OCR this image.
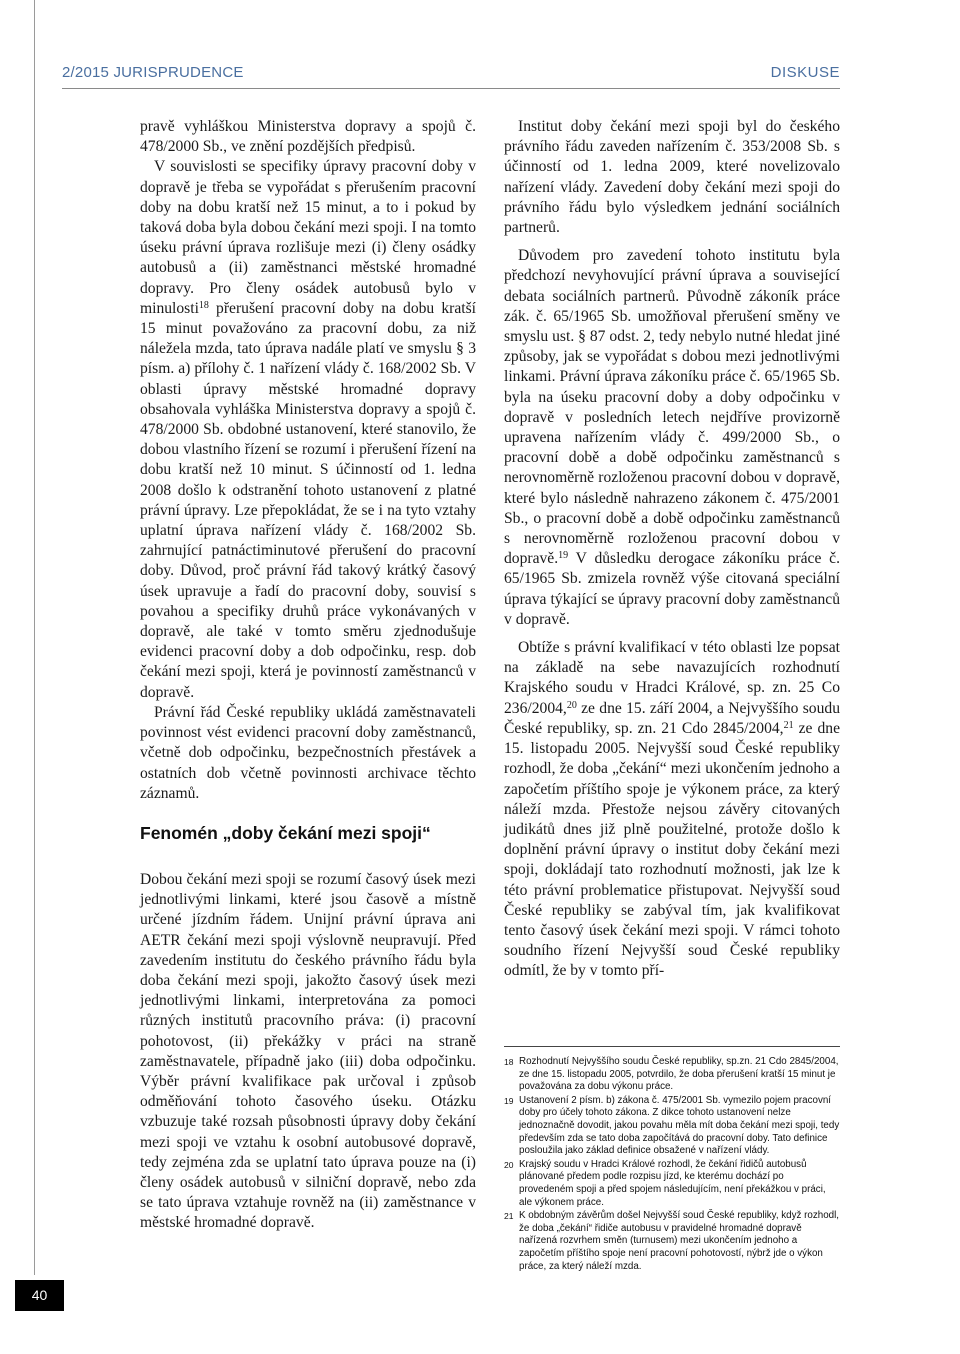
2/2015 JURISPRUDENCE	DISKUSE

pravě vyhláškou Ministerstva dopravy a spojů č. 478/2000 Sb., ve znění pozdějších předpisů.

V souvislosti se specifiky úpravy pracovní doby v dopravě je třeba se vypořádat s přerušením pracovní doby na dobu kratší než 15 minut, a to i pokud by taková doba byla dobou čekání mezi spoji. I na tomto úseku právní úprava rozlišuje mezi (i) členy osádky autobusů a (ii) zaměstnanci městské hromadné dopravy. Pro členy osádek autobusů bylo v minulosti$^{18}$ přerušení pracovní doby na dobu kratší 15 minut považováno za pracovní dobu, za niž náležela mzda, tato úprava nadále platí ve smyslu § 3 písm. a) přílohy č. 1 nařízení vlády č. 168/2002 Sb. V oblasti úpravy městské hromadné dopravy obsahovala vyhláška Ministerstva dopravy a spojů č. 478/2000 Sb. obdobné ustanovení, které stanovilo, že dobou vlastního řízení se rozumí i přerušení řízení na dobu kratší než 10 minut. S účinností od 1. ledna 2008 došlo k odstranění tohoto ustanovení z platné právní úpravy. Lze přepokládat, že se i na tyto vztahy uplatní úprava nařízení vlády č. 168/2002 Sb. zahrnující patnáctiminutové přerušení do pracovní doby. Důvod, proč právní řád takový krátký časový úsek upravuje a řadí do pracovní doby, souvisí s povahou a specifiky druhů práce vykonávaných v dopravě, ale také v tomto směru zjednodušuje evidenci pracovní doby a dob odpočinku, resp. dob čekání mezi spoji, která je povinností zaměstnanců v dopravě.

Právní řád České republiky ukládá zaměstnavateli povinnost vést evidenci pracovní doby zaměstnanců, včetně dob odpočinku, bezpečnostních přestávek a ostatních dob včetně povinnosti archivace těchto záznamů.

Fenomén „doby čekání mezi spoji“

Dobou čekání mezi spoji se rozumí časový úsek mezi jednotlivými linkami, které jsou časově a místně určené jízdním řádem. Unijní právní úprava ani AETR čekání mezi spoji výslovně neupravují. Před zavedením institutu do českého právního řádu byla doba čekání mezi spoji, jakožto časový úsek mezi jednotlivými linkami, interpretována za pomoci různých institutů pracovního práva: (i) pracovní pohotovost, (ii) překážky v práci na straně zaměstnavatele, případně jako (iii) doba odpočinku. Výběr právní kvalifikace pak určoval i způsob odměňování tohoto časového úseku. Otázku vzbuzuje také rozsah působnosti úpravy doby čekání mezi spoji ve vztahu k osobní autobusové dopravě, tedy zejména zda se uplatní tato úprava pouze na (i) členy osádek autobusů v silniční dopravě, nebo zda se tato úprava vztahuje rovněž na (ii) zaměstnance v městské hromadné dopravě.

Institut doby čekání mezi spoji byl do českého právního řádu zaveden nařízením č. 353/2008 Sb. s účinností od 1. ledna 2009, které novelizovalo nařízení vlády. Zavedení doby čekání mezi spoji do právního řádu bylo výsledkem jednání sociálních partnerů.

Důvodem pro zavedení tohoto institutu byla předchozí nevyhovující právní úprava a související debata sociálních partnerů. Původně zákoník práce zák. č. 65/1965 Sb. umožňoval přerušení směny ve smyslu ust. § 87 odst. 2, tedy nebylo nutné hledat jiné způsoby, jak se vypořádat s dobou mezi jednotlivými linkami. Právní úprava zákoníku práce č. 65/1965 Sb. byla na úseku pracovní doby a doby odpočinku v dopravě v posledních letech nejdříve provizorně upravena nařízením vlády č. 499/2000 Sb., o pracovní době a době odpočinku zaměstnanců s nerovnoměrně rozloženou pracovní dobou v dopravě, které bylo následně nahrazeno zákonem č. 475/2001 Sb., o pracovní době a době odpočinku zaměstnanců s nerovnoměrně rozloženou pracovní dobou v dopravě.$^{19}$ V důsledku derogace zákoníku práce č. 65/1965 Sb. zmizela rovněž výše citovaná speciální úprava týkající se úpravy pracovní doby zaměstnanců v dopravě.

Obtíže s právní kvalifikací v této oblasti lze popsat na základě na sebe navazujících rozhodnutí Krajského soudu v Hradci Králové, sp. zn. 25 Co 236/2004,20 ze dne 15. září 2004, a Nejvyššího soudu České republiky, sp. zn. 21 Cdo 2845/2004,21 ze dne 15. listopadu 2005. Nejvyšší soud České republiky rozhodl, že doba „čekání“ mezi ukončením jednoho a započetím příštího spoje je výkonem práce, za který náleží mzda. Přestože nejsou závěry citovaných judikátů dnes již plně použitelné, protože došlo k doplnění právní úpravy o institut doby čekání mezi spoji, dokládají tato rozhodnutí možnosti, jak lze k této právní problematice přistupovat. Nejvyšší soud České republiky se zabýval tím, jak kvalifikovat tento časový úsek čekání mezi spoji. V rámci tohoto soudního řízení Nejvyšší soud České republiky odmítl, že by v tomto pří-

18 Rozhodnutí Nejvyššího soudu České republiky, sp.zn. 21 Cdo 2845/2004, ze dne 15. listopadu 2005, potvrdilo, že doba přerušení kratší 15 minut je považována za dobu výkonu práce.
19 Ustanovení 2 písm. b) zákona č. 475/2001 Sb. vymezilo pojem pracovní doby pro účely tohoto zákona. Z dikce tohoto ustanovení nelze jednoznačně dovodit, jakou povahu měla mít doba čekání mezi spoji, tedy především zda se tato doba započítává do pracovní doby. Tato definice posloužila jako základ definice obsažené v nařízení vlády.
20 Krajský soudu v Hradci Králové rozhodl, že čekání řidičů autobusů plánované předem podle rozpisu jízd, ke kterému dochází po provedeném spoji a před spojem následujícím, není překážkou v práci, ale výkonem práce.
21 K obdobným závěrům došel Nejvyšší soud České republiky, když rozhodl, že doba „čekání“ řidiče autobusu v pravidelné hromadné dopravě nařízená rozvrhem směn (turnusem) mezi ukončením jednoho a započetím příštího spoje není pracovní pohotovostí, nýbrž jde o výkon práce, za který náleží mzda.
40
